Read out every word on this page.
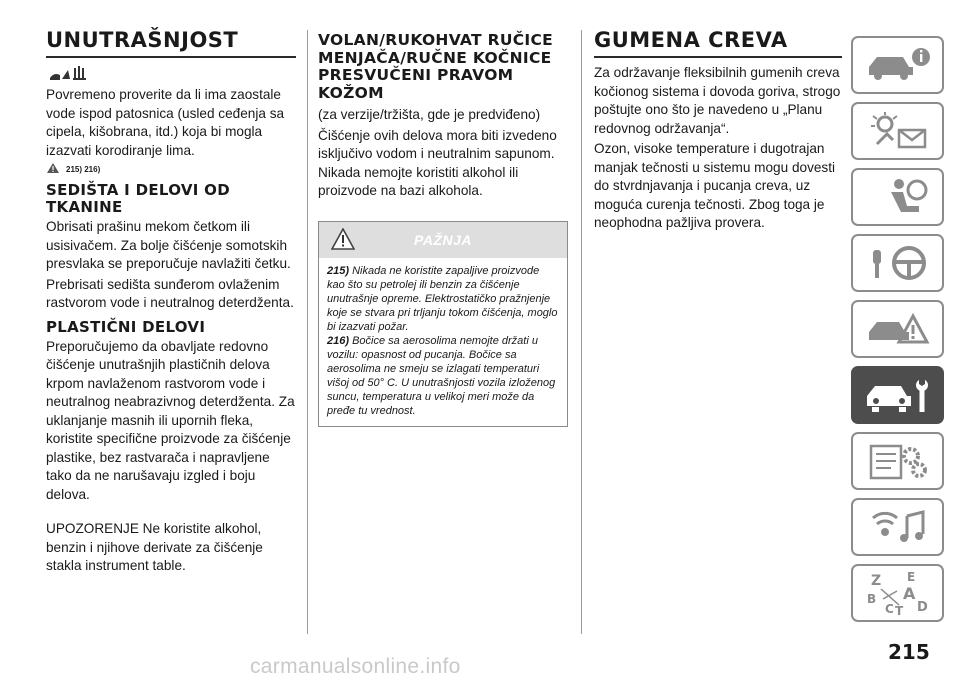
UNUTRAŠNJOST

Povremeno proverite da li ima zaostale vode ispod patosnica (usled ceđenja sa cipela, kišobrana, itd.) koja bi mogla izazvati korodiranje lima.

215) 216)
SEDIŠTA I DELOVI OD TKANINE

Obrisati prašinu mekom četkom ili usisivačem. Za bolje čišćenje somotskih presvlaka se preporučuje navlažiti četku.

Prebrisati sedišta sunđerom ovlaženim rastvorom vode i neutralnog deterdženta.

PLASTIČNI DELOVI

Preporučujemo da obavljate redovno čišćenje unutrašnjih plastičnih delova krpom navlaženom rastvorom vode i neutralnog neabrazivnog deterdženta. Za uklanjanje masnih ili upornih fleka, koristite specifične proizvode za čišćenje plastike, bez rastvarača i napravljene tako da ne narušavaju izgled i boju delova.

UPOZORENJE Ne koristite alkohol, benzin i njihove derivate za čišćenje stakla instrument table.

VOLAN/RUKOHVAT RUČICE MENJAČA/RUČNE KOČNICE PRESVUČENI PRAVOM KOŽOM

(za verzije/tržišta, gde je predviđeno)

Čišćenje ovih delova mora biti izvedeno isključivo vodom i neutralnim sapunom. Nikada nemojte koristiti alkohol ili proizvode na bazi alkohola.

PAŽNJA
215) Nikada ne koristite zapaljive proizvode kao što su petrolej ili benzin za čišćenje unutrašnje opreme. Elektrostatičko pražnjenje koje se stvara pri trljanju tokom čišćenja, moglo bi izazvati požar.
216) Bočice sa aerosolima nemojte držati u vozilu: opasnost od pucanja. Bočice sa aerosolima ne smeju se izlagati temperaturi višoj od 50° C. U unutrašnjosti vozila izloženog suncu, temperatura u velikoj meri može da pređe tu vrednost.
GUMENA CREVA

Za održavanje fleksibilnih gumenih creva kočionog sistema i dovoda goriva, strogo poštujte ono što je navedeno u „Planu redovnog održavanja“.

Ozon, visoke temperature i dugotrajan manjak tečnosti u sistemu mogu dovesti do stvrdnjavanja i pucanja creva, uz moguća curenja tečnosti. Zbog toga je neophodna pažljiva provera.

Z E
B A
C T D
215
carmanualsonline.info
